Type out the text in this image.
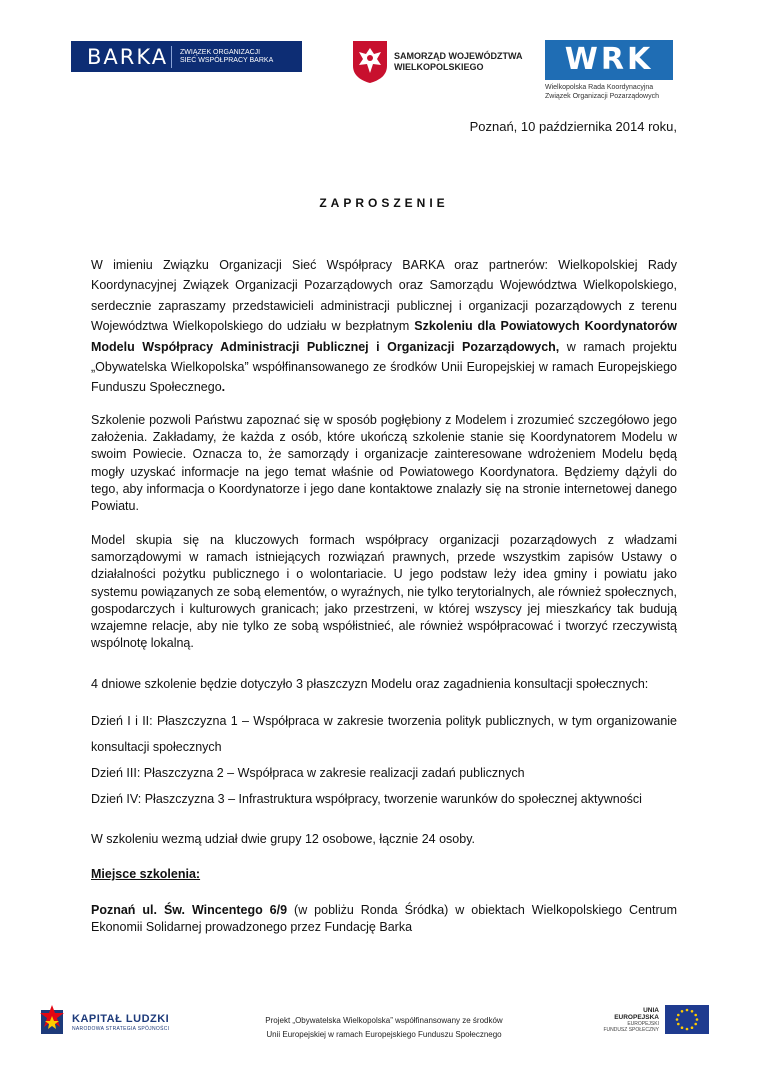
BARKA	ZWIĄZEK ORGANIZACJI
SIEĆ WSPÓŁPRACY BARKA	SAMORZĄD WOJEWÓDZTWA
WIELKOPOLSKIEGO	WRK
Wielkopolska Rada Koordynacyjna
Związek Organizacji Pozarządowych
Poznań, 10 października 2014 roku,
ZAPROSZENIE
W imieniu Związku Organizacji Sieć Współpracy BARKA oraz partnerów: Wielkopolskiej Rady Koordynacyjnej Związek Organizacji Pozarządowych oraz Samorządu Województwa Wielkopolskiego, serdecznie zapraszamy przedstawicieli administracji publicznej i organizacji pozarządowych z terenu Województwa Wielkopolskiego do udziału w bezpłatnym Szkoleniu dla Powiatowych Koordynatorów Modelu Współpracy Administracji Publicznej i Organizacji Pozarządowych, w ramach projektu „Obywatelska Wielkopolska” współfinansowanego ze środków Unii Europejskiej w ramach Europejskiego Funduszu Społecznego.
Szkolenie pozwoli Państwu zapoznać się w sposób pogłębiony z Modelem i zrozumieć szczegółowo jego założenia. Zakładamy, że każda z osób, które ukończą szkolenie stanie się Koordynatorem Modelu w swoim Powiecie. Oznacza to, że samorządy i organizacje zainteresowane wdrożeniem Modelu będą mogły uzyskać informacje na jego temat właśnie od Powiatowego Koordynatora. Będziemy dążyli do tego, aby informacja o Koordynatorze i jego dane kontaktowe znalazły się na stronie internetowej danego Powiatu.
Model skupia się na kluczowych formach współpracy organizacji pozarządowych z władzami samorządowymi w ramach istniejących rozwiązań prawnych, przede wszystkim zapisów Ustawy o działalności pożytku publicznego i o wolontariacie. U jego podstaw leży idea gminy i powiatu jako systemu powiązanych ze sobą elementów, o wyraźnych, nie tylko terytorialnych, ale również społecznych, gospodarczych i kulturowych granicach; jako przestrzeni, w której wszyscy jej mieszkańcy tak budują wzajemne relacje, aby nie tylko ze sobą współistnieć, ale również współpracować i tworzyć rzeczywistą wspólnotę lokalną.
4 dniowe szkolenie będzie dotyczyło 3 płaszczyzn Modelu oraz zagadnienia konsultacji społecznych:
Dzień I i II: Płaszczyzna 1 – Współpraca w zakresie tworzenia polityk publicznych, w tym organizowanie konsultacji społecznych
Dzień III: Płaszczyzna 2 – Współpraca w zakresie realizacji zadań publicznych
Dzień IV: Płaszczyzna 3 – Infrastruktura współpracy, tworzenie warunków do społecznej aktywności
W szkoleniu wezmą udział dwie grupy 12 osobowe, łącznie 24 osoby.
Miejsce szkolenia:
Poznań ul. Św. Wincentego 6/9 (w pobliżu Ronda Śródka) w obiektach Wielkopolskiego Centrum Ekonomii Solidarnej prowadzonego przez Fundację Barka
KAPITAŁ LUDZKI
NARODOWA STRATEGIA SPÓJNOŚCI
Projekt „Obywatelska Wielkopolska” współfinansowany ze środków
Unii Europejskiej w ramach Europejskiego Funduszu Społecznego
UNIA EUROPEJSKA
EUROPEJSKI
FUNDUSZ SPOŁECZNY
